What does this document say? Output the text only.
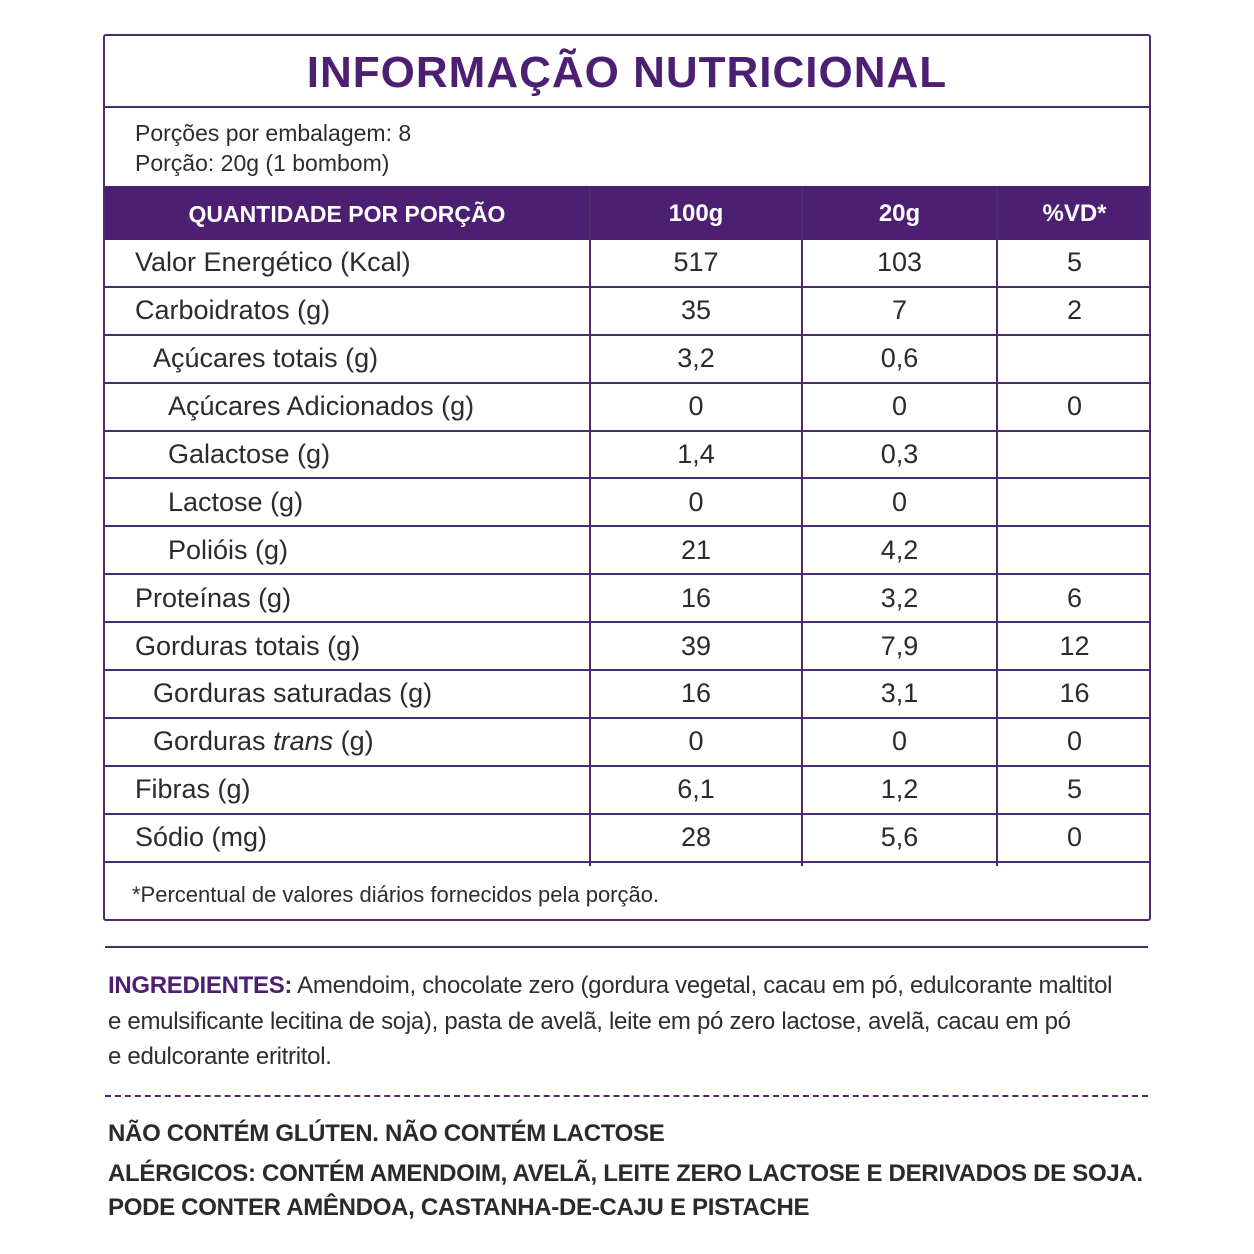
INFORMAÇÃO NUTRICIONAL
Porções por embalagem: 8
Porção: 20g (1 bombom)
QUANTIDADE POR PORÇÃO	100g	20g	%VD*
Valor Energético (Kcal)	517	103	5
Carboidratos (g)	35	7	2
Açúcares totais (g)	3,2	0,6
Açúcares Adicionados (g)	0	0	0
Galactose (g)	1,4	0,3
Lactose (g)	0	0
Polióis (g)	21	4,2
Proteínas (g)	16	3,2	6
Gorduras totais (g)	39	7,9	12
Gorduras saturadas (g)	16	3,1	16
Gorduras
trans
(g)	0	0	0
Fibras (g)	6,1	1,2	5
Sódio (mg)	28	5,6	0
*Percentual de valores diários fornecidos pela porção.
INGREDIENTES: Amendoim, chocolate zero (gordura vegetal, cacau em pó, edulcorante maltitol
e emulsificante lecitina de soja), pasta de avelã, leite em pó zero lactose, avelã, cacau em pó
e edulcorante eritritol.
NÃO CONTÉM GLÚTEN. NÃO CONTÉM LACTOSE
ALÉRGICOS: CONTÉM AMENDOIM, AVELÃ, LEITE ZERO LACTOSE E DERIVADOS DE SOJA.
PODE CONTER AMÊNDOA, CASTANHA-DE-CAJU E PISTACHE
